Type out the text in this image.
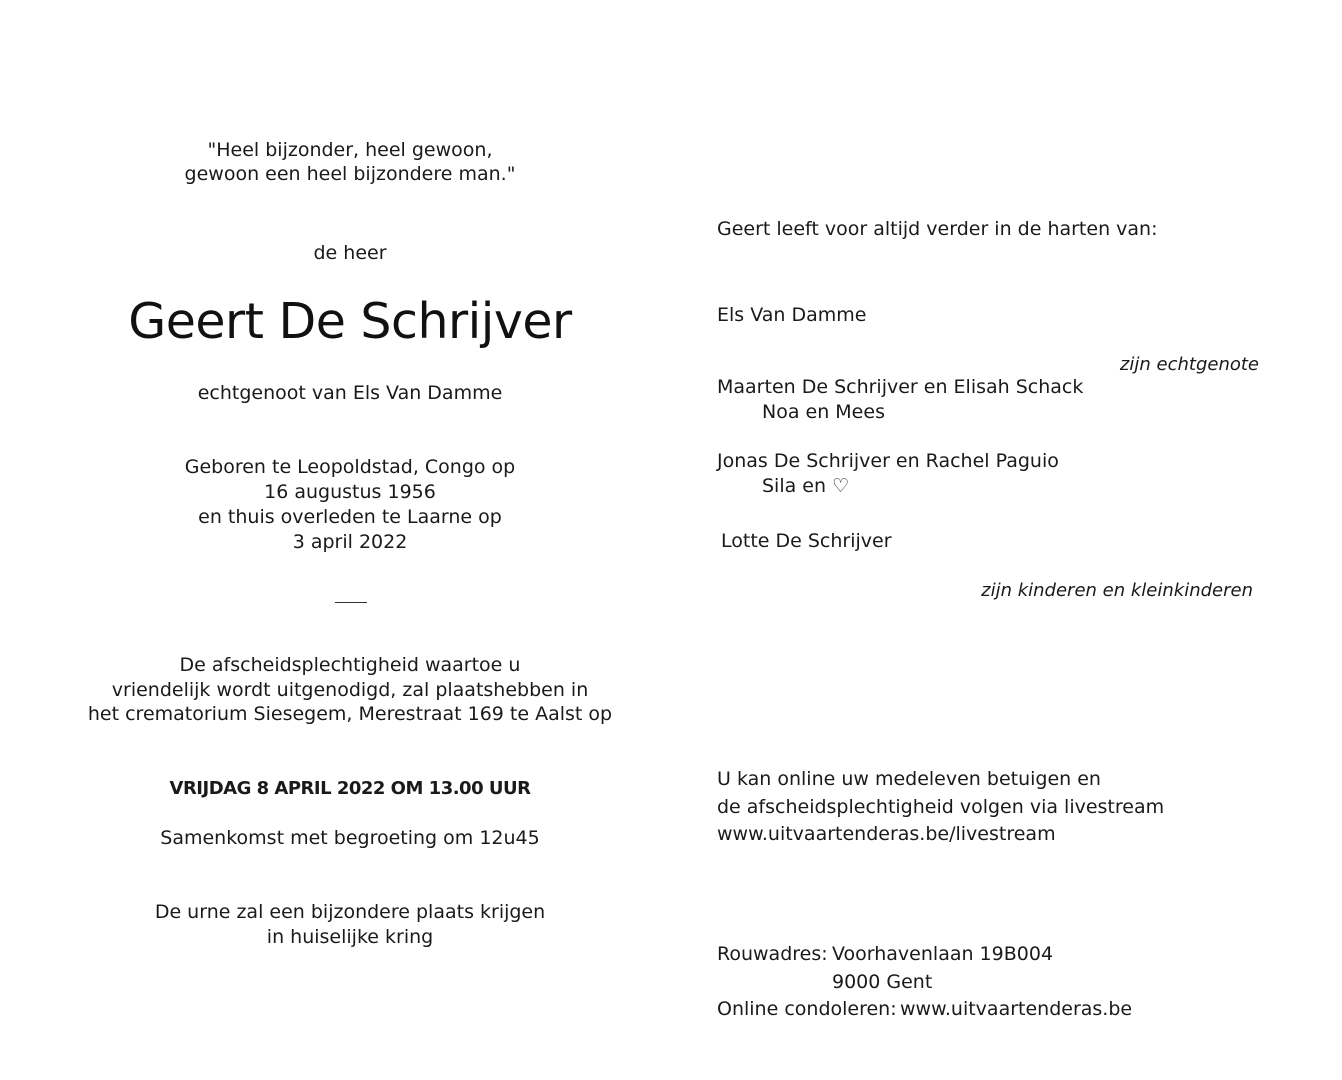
"Heel bijzonder, heel gewoon,
gewoon een heel bijzondere man."
de heer
Geert De Schrijver
echtgenoot van Els Van Damme
Geboren te Leopoldstad, Congo op
16 augustus 1956
en thuis overleden te Laarne op
3 april 2022
De afscheidsplechtigheid waartoe u
vriendelijk wordt uitgenodigd, zal plaatshebben in
het crematorium Siesegem, Merestraat 169 te Aalst op
VRIJDAG 8 APRIL 2022 OM 13.00 UUR
Samenkomst met begroeting om 12u45
De urne zal een bijzondere plaats krijgen
in huiselijke kring
Geert leeft voor altijd verder in de harten van:
Els Van Damme
zijn echtgenote
Maarten De Schrijver en Elisah Schack
Noa en Mees
Jonas De Schrijver en Rachel Paguio
Sila en ♡
Lotte De Schrijver
zijn kinderen en kleinkinderen
U kan online uw medeleven betuigen en
de afscheidsplechtigheid volgen via livestream
www.uitvaartenderas.be/livestream
Rouwadres: Voorhavenlaan 19B004
9000 Gent
Online condoleren: www.uitvaartenderas.be
